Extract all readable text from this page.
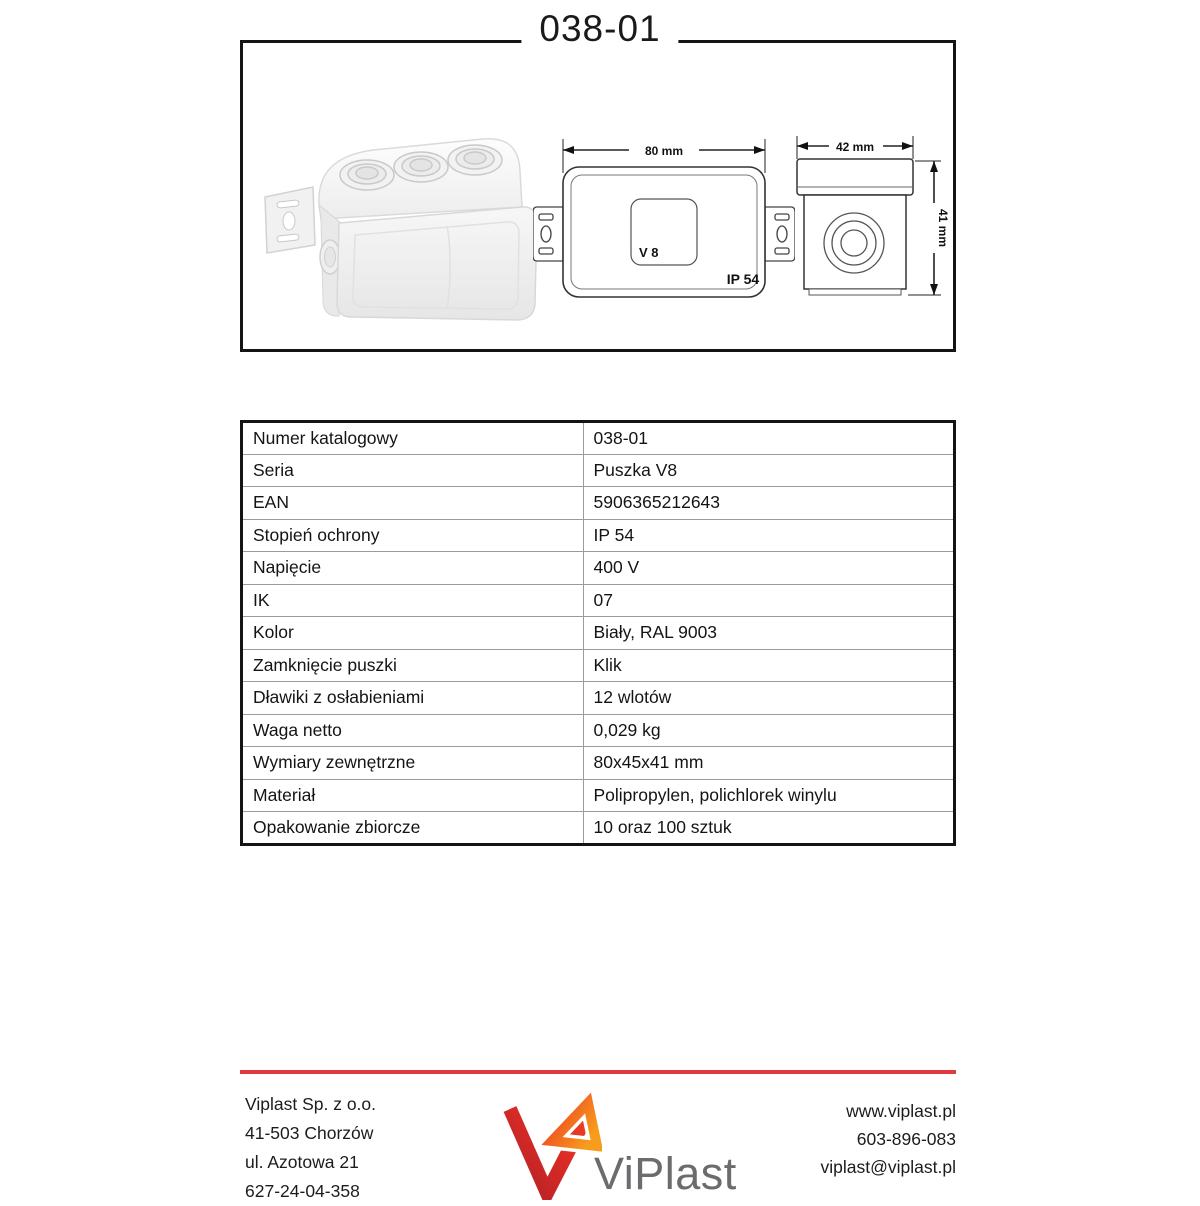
038-01
80 mm
V 8
IP 54
42 mm
41 mm
Numer katalogowy	038-01
Seria	Puszka V8
EAN	5906365212643
Stopień ochrony	IP 54
Napięcie	400 V
IK	07
Kolor	Biały, RAL 9003
Zamknięcie puszki	Klik
Dławiki z osłabieniami	12 wlotów
Waga netto	0,029 kg
Wymiary zewnętrzne	80x45x41 mm
Materiał	Polipropylen, polichlorek winylu
Opakowanie zbiorcze	10 oraz 100 sztuk
Viplast Sp. z o.o.
41-503 Chorzów
ul. Azotowa 21
627-24-04-358	ViPlast
www.viplast.pl
603-896-083
viplast@viplast.pl
